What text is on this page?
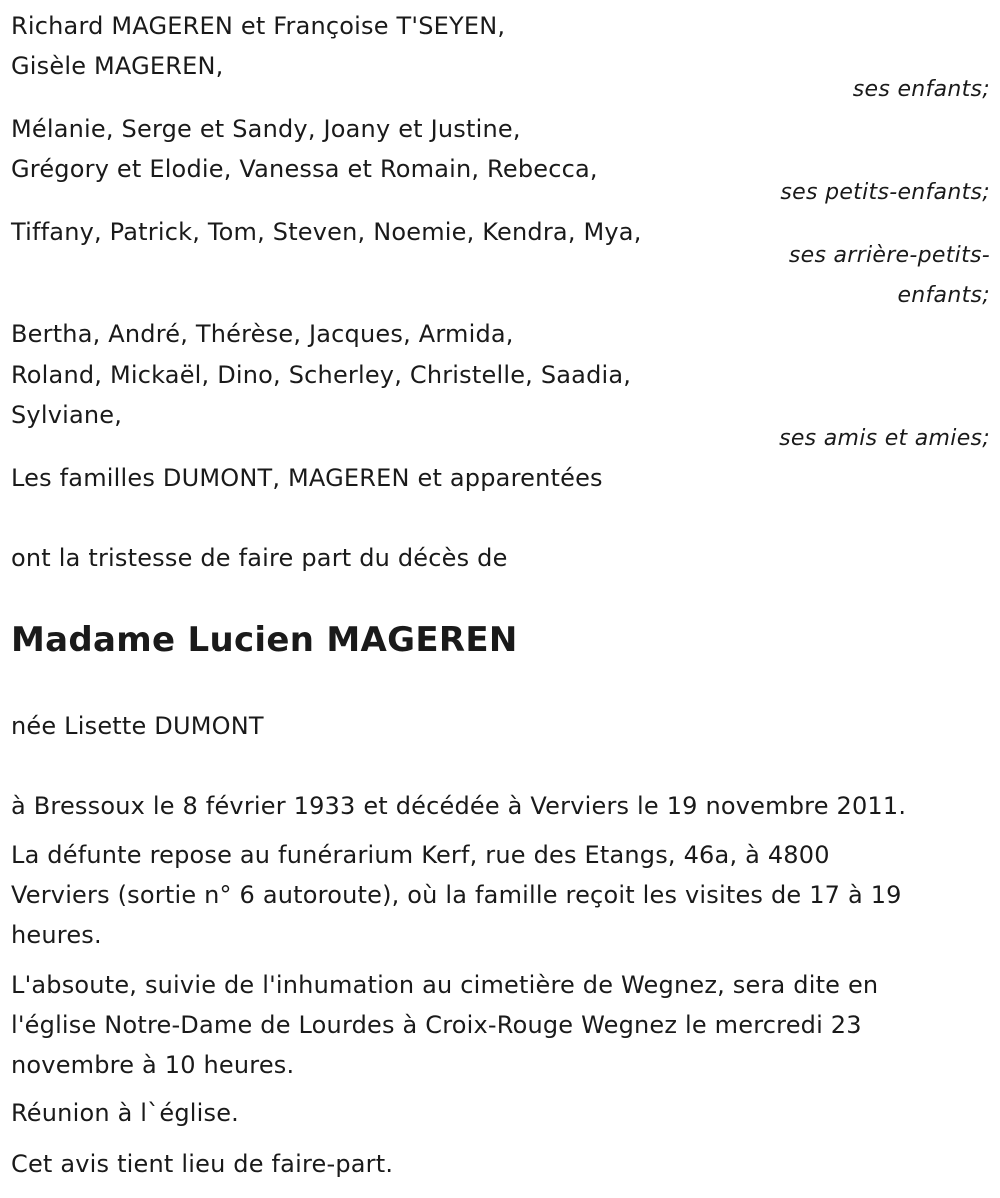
Richard MAGEREN et Françoise T'SEYEN,
Gisèle MAGEREN,
ses enfants;
Mélanie, Serge et Sandy, Joany et Justine,
Grégory et Elodie, Vanessa et Romain, Rebecca,
ses petits-enfants;
Tiffany, Patrick, Tom, Steven, Noemie, Kendra, Mya,
ses arrière-petits-
enfants;
Bertha, André, Thérèse, Jacques, Armida,
Roland, Mickaël, Dino, Scherley, Christelle, Saadia,
Sylviane,
ses amis et amies;
Les familles DUMONT, MAGEREN et apparentées
ont la tristesse de faire part du décès de
Madame Lucien MAGEREN
née Lisette DUMONT
à Bressoux le 8 février 1933 et décédée à Verviers le 19 novembre 2011.
La défunte repose au funérarium Kerf, rue des Etangs, 46a, à 4800
Verviers (sortie n° 6 autoroute), où la famille reçoit les visites de 17 à 19
heures.
L'absoute, suivie de l'inhumation au cimetière de Wegnez, sera dite en
l'église Notre-Dame de Lourdes à Croix-Rouge Wegnez le mercredi 23
novembre à 10 heures.
Réunion à l`église.
Cet avis tient lieu de faire-part.
